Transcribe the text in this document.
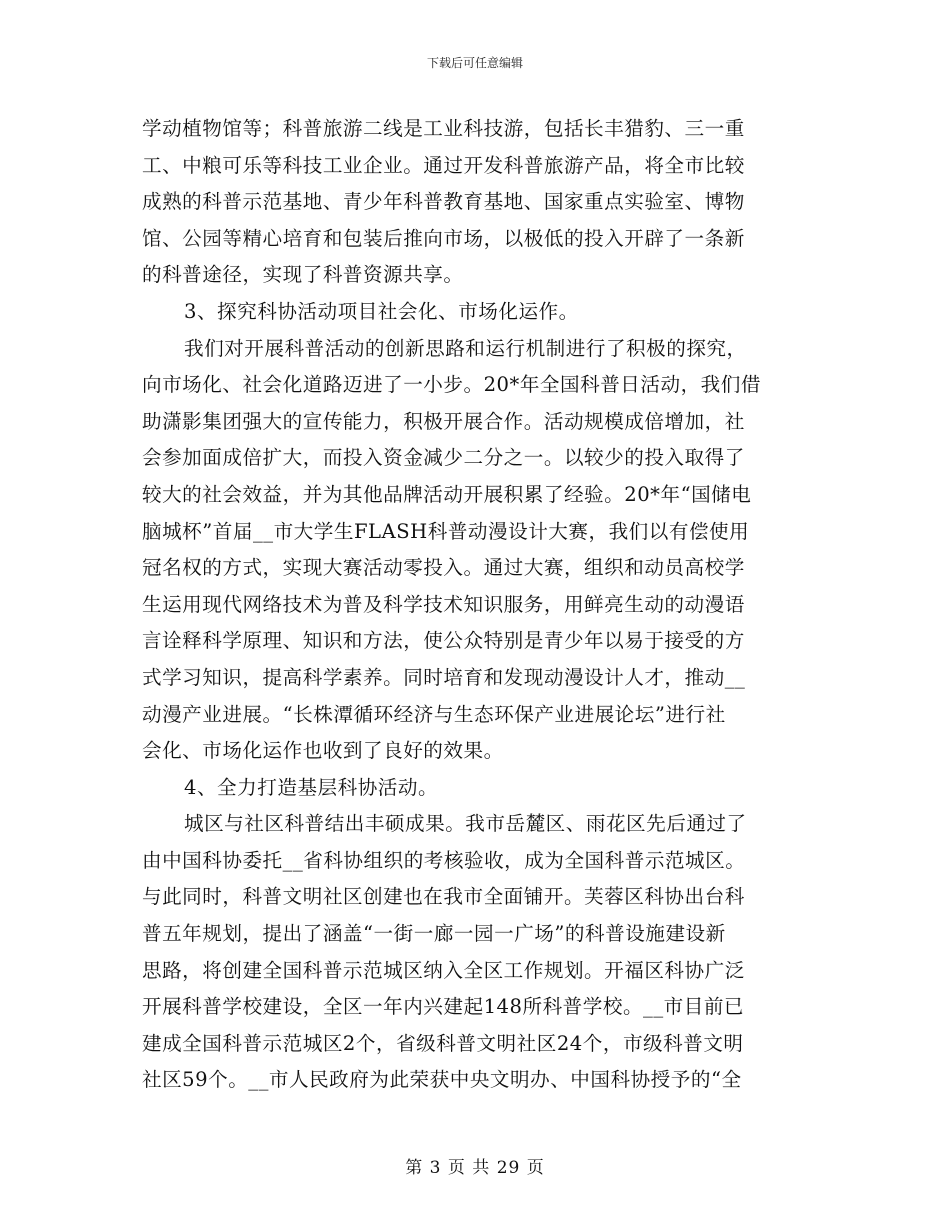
下载后可任意编辑
学动植物馆等；科普旅游二线是工业科技游，包括长丰猎豹、三一重
工、中粮可乐等科技工业企业。通过开发科普旅游产品，将全市比较
成熟的科普示范基地、青少年科普教育基地、国家重点实验室、博物
馆、公园等精心培育和包装后推向市场，以极低的投入开辟了一条新
的科普途径，实现了科普资源共享。
3、探究科协活动项目社会化、市场化运作。
我们对开展科普活动的创新思路和运行机制进行了积极的探究，
向市场化、社会化道路迈进了一小步。20*年全国科普日活动，我们借
助潇影集团强大的宣传能力，积极开展合作。活动规模成倍增加，社
会参加面成倍扩大，而投入资金减少二分之一。以较少的投入取得了
较大的社会效益，并为其他品牌活动开展积累了经验。20*年“国储电
脑城杯”首届__市大学生FLASH科普动漫设计大赛，我们以有偿使用
冠名权的方式，实现大赛活动零投入。通过大赛，组织和动员高校学
生运用现代网络技术为普及科学技术知识服务，用鲜亮生动的动漫语
言诠释科学原理、知识和方法，使公众特别是青少年以易于接受的方
式学习知识，提高科学素养。同时培育和发现动漫设计人才，推动__
动漫产业进展。“长株潭循环经济与生态环保产业进展论坛”进行社
会化、市场化运作也收到了良好的效果。
4、全力打造基层科协活动。
城区与社区科普结出丰硕成果。我市岳麓区、雨花区先后通过了
由中国科协委托__省科协组织的考核验收，成为全国科普示范城区。
与此同时，科普文明社区创建也在我市全面铺开。芙蓉区科协出台科
普五年规划，提出了涵盖“一街一廊一园一广场”的科普设施建设新
思路，将创建全国科普示范城区纳入全区工作规划。开福区科协广泛
开展科普学校建设，全区一年内兴建起148所科普学校。__市目前已
建成全国科普示范城区2个，省级科普文明社区24个，市级科普文明
社区59个。__市人民政府为此荣获中央文明办、中国科协授予的“全
第 3 页 共 29 页
